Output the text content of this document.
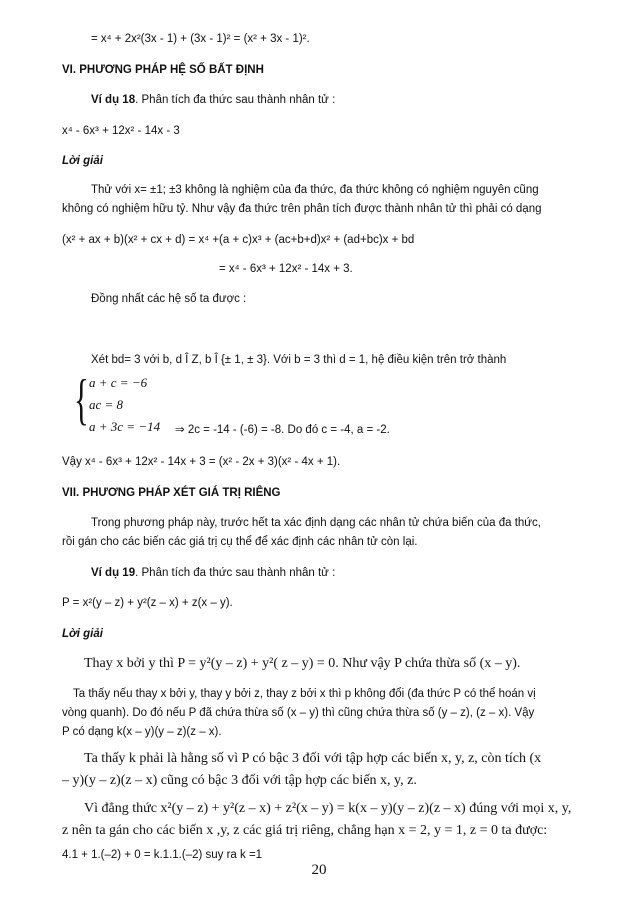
= x⁴ + 2x²(3x - 1) + (3x - 1)² = (x² + 3x - 1)².
VI. PHƯƠNG PHÁP HỆ SỐ BẤT ĐỊNH
Ví dụ 18. Phân tích đa thức sau thành nhân tử :
x⁴ - 6x³ + 12x² - 14x - 3
Lời giải
Thử với x= ±1; ±3 không là nghiệm của đa thức, đa thức không có nghiệm nguyên cũng
không có nghiệm hữu tỷ. Như vậy đa thức trên phân tích được thành nhân tử thì phải có dạng
(x² + ax + b)(x² + cx + d) = x⁴ +(a + c)x³ + (ac+b+d)x² + (ad+bc)x + bd
= x⁴ - 6x³ + 12x² - 14x + 3.
Đồng nhất các hệ số ta được :
Xét bd= 3 với b, d Î Z, b Î {± 1, ± 3}. Với b = 3 thì d = 1, hệ điều kiện trên trở thành
{ a + c = −6
ac = 8
a + 3c = −14 ⇒ 2c = -14 - (-6) = -8. Do đó c = -4, a = -2.
Vậy x⁴ - 6x³ + 12x² - 14x + 3 = (x² - 2x + 3)(x² - 4x + 1).
VII. PHƯƠNG PHÁP XÉT GIÁ TRỊ RIÊNG
Trong phương pháp này, trước hết ta xác định dạng các nhân tử chứa biến của đa thức,
rồi gán cho các biến các giá trị cụ thể để xác định các nhân tử còn lại.
Ví dụ 19. Phân tích đa thức sau thành nhân tử :
P = x²(y – z) + y²(z – x) + z(x – y).
Lời giải
Thay x bởi y thì P = y²(y – z) + y²( z – y) = 0. Như vậy P chứa thừa số (x – y).
Ta thấy nếu thay x bởi y, thay y bởi z, thay z bởi x thì p không đổi (đa thức P có thể hoán vị
vòng quanh). Do đó nếu P đã chứa thừa số (x – y) thì cũng chứa thừa số (y – z), (z – x). Vậy
P có dạng k(x – y)(y – z)(z – x).
Ta thấy k phải là hằng số vì P có bậc 3 đối với tập hợp các biến x, y, z, còn tích (x
– y)(y – z)(z – x) cũng có bậc 3 đối với tập hợp các biến x, y, z.
Vì đẳng thức x²(y – z) + y²(z – x) + z²(x – y) = k(x – y)(y – z)(z – x) đúng với mọi x, y,
z nên ta gán cho các biến x ,y, z các giá trị riêng, chẳng hạn x = 2, y = 1, z = 0 ta được:
4.1 + 1.(–2) + 0 = k.1.1.(–2) suy ra k =1
20
